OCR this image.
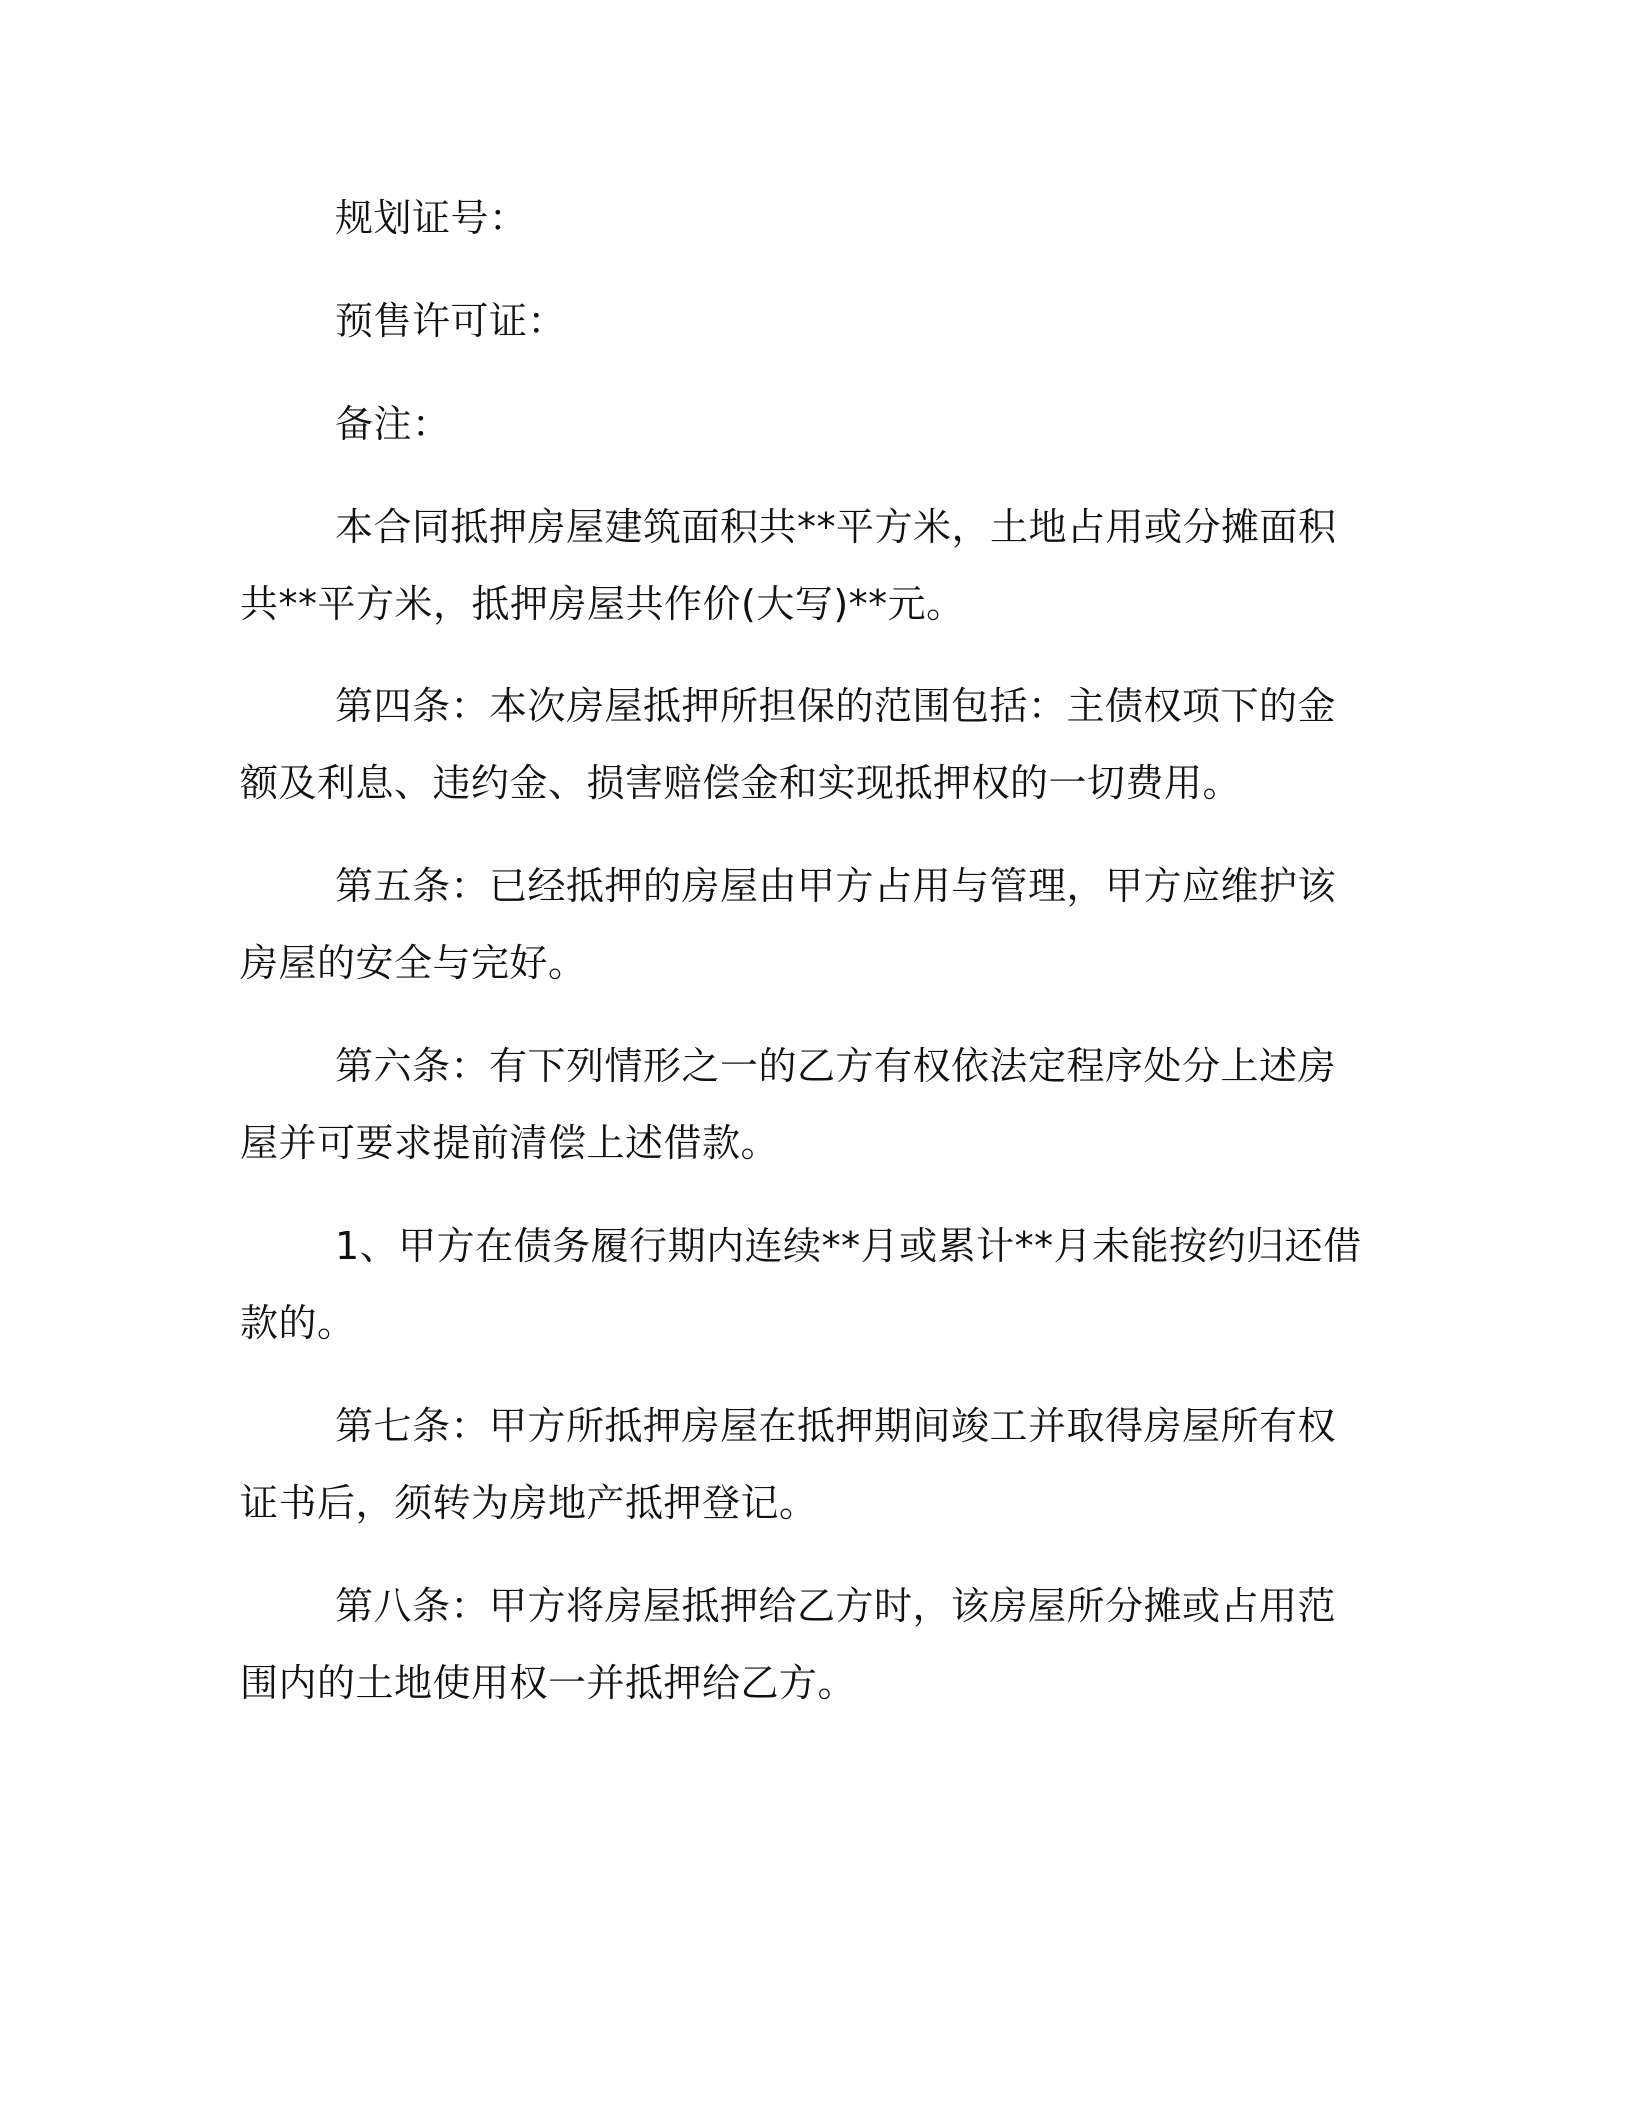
规划证号：

预售许可证：

备注：

本合同抵押房屋建筑面积共**平方米，土地占用或分摊面积共**平方米，抵押房屋共作价(大写)**元。

第四条：本次房屋抵押所担保的范围包括：主债权项下的金额及利息、违约金、损害赔偿金和实现抵押权的一切费用。

第五条：已经抵押的房屋由甲方占用与管理，甲方应维护该房屋的安全与完好。

第六条：有下列情形之一的乙方有权依法定程序处分上述房屋并可要求提前清偿上述借款。

1、甲方在债务履行期内连续**月或累计**月未能按约归还借款的。

第七条：甲方所抵押房屋在抵押期间竣工并取得房屋所有权证书后，须转为房地产抵押登记。

第八条：甲方将房屋抵押给乙方时，该房屋所分摊或占用范围内的土地使用权一并抵押给乙方。
